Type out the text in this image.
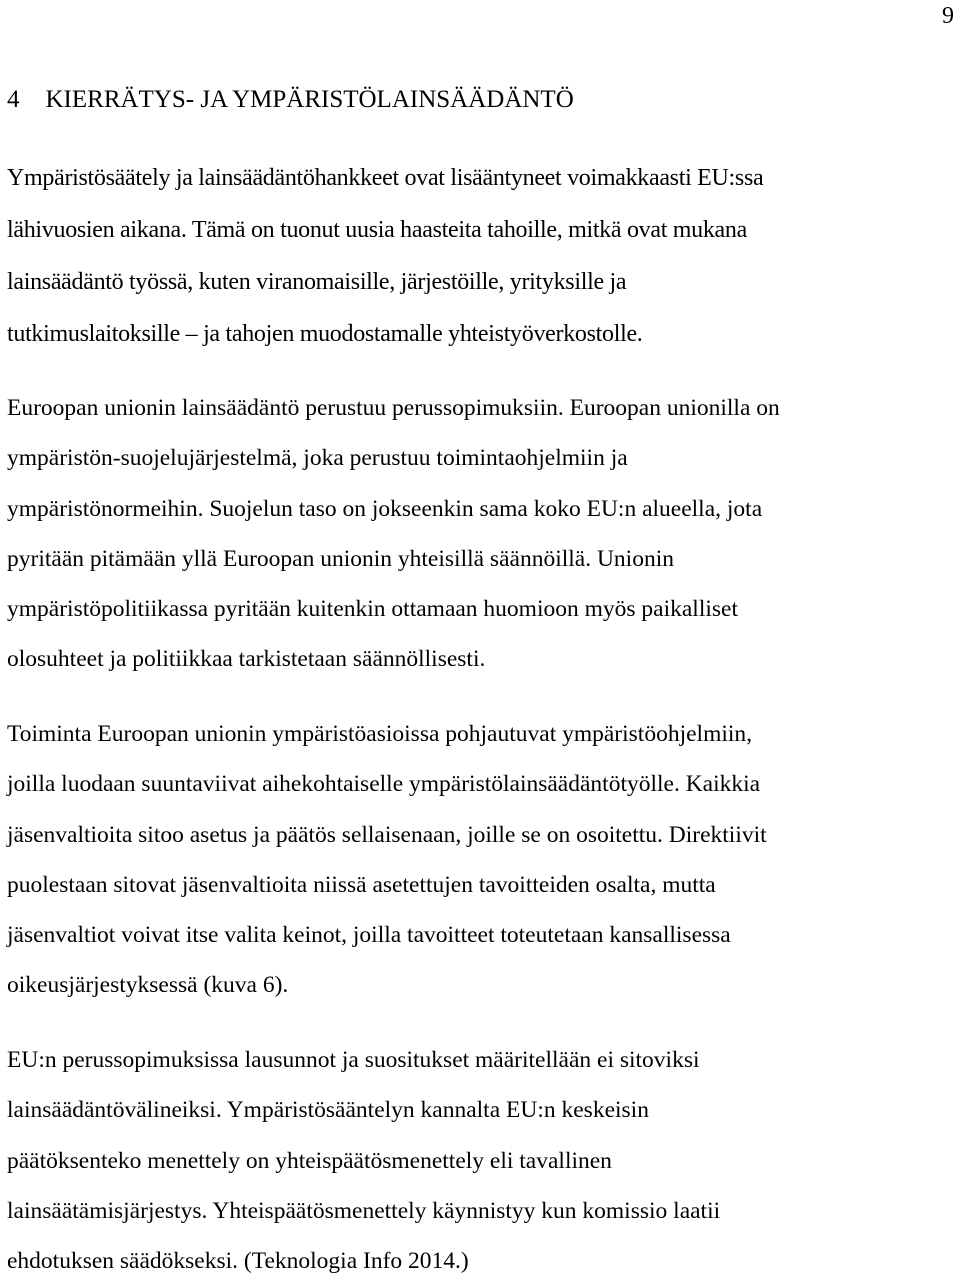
9
4 KIERRÄTYS- JA YMPÄRISTÖLAINSÄÄDÄNTÖ

Ympäristösäätely ja lainsäädäntöhankkeet ovat lisääntyneet voimakkaasti EU:ssa
lähivuosien aikana. Tämä on tuonut uusia haasteita tahoille, mitkä ovat mukana
lainsäädäntö työssä, kuten viranomaisille, järjestöille, yrityksille ja
tutkimuslaitoksille – ja tahojen muodostamalle yhteistyöverkostolle.

Euroopan unionin lainsäädäntö perustuu perussopimuksiin. Euroopan unionilla on
ympäristön-suojelujärjestelmä, joka perustuu toimintaohjelmiin ja
ympäristönormeihin. Suojelun taso on jokseenkin sama koko EU:n alueella, jota
pyritään pitämään yllä Euroopan unionin yhteisillä säännöillä. Unionin
ympäristöpolitiikassa pyritään kuitenkin ottamaan huomioon myös paikalliset
olosuhteet ja politiikkaa tarkistetaan säännöllisesti.

Toiminta Euroopan unionin ympäristöasioissa pohjautuvat ympäristöohjelmiin,
joilla luodaan suuntaviivat aihekohtaiselle ympäristölainsäädäntötyölle. Kaikkia
jäsenvaltioita sitoo asetus ja päätös sellaisenaan, joille se on osoitettu. Direktiivit
puolestaan sitovat jäsenvaltioita niissä asetettujen tavoitteiden osalta, mutta
jäsenvaltiot voivat itse valita keinot, joilla tavoitteet toteutetaan kansallisessa
oikeusjärjestyksessä (kuva 6).

EU:n perussopimuksissa lausunnot ja suositukset määritellään ei sitoviksi
lainsäädäntövälineiksi. Ympäristösääntelyn kannalta EU:n keskeisin
päätöksenteko menettely on yhteispäätösmenettely eli tavallinen
lainsäätämisjärjestys. Yhteispäätösmenettely käynnistyy kun komissio laatii
ehdotuksen säädökseksi. (Teknologia Info 2014.)
